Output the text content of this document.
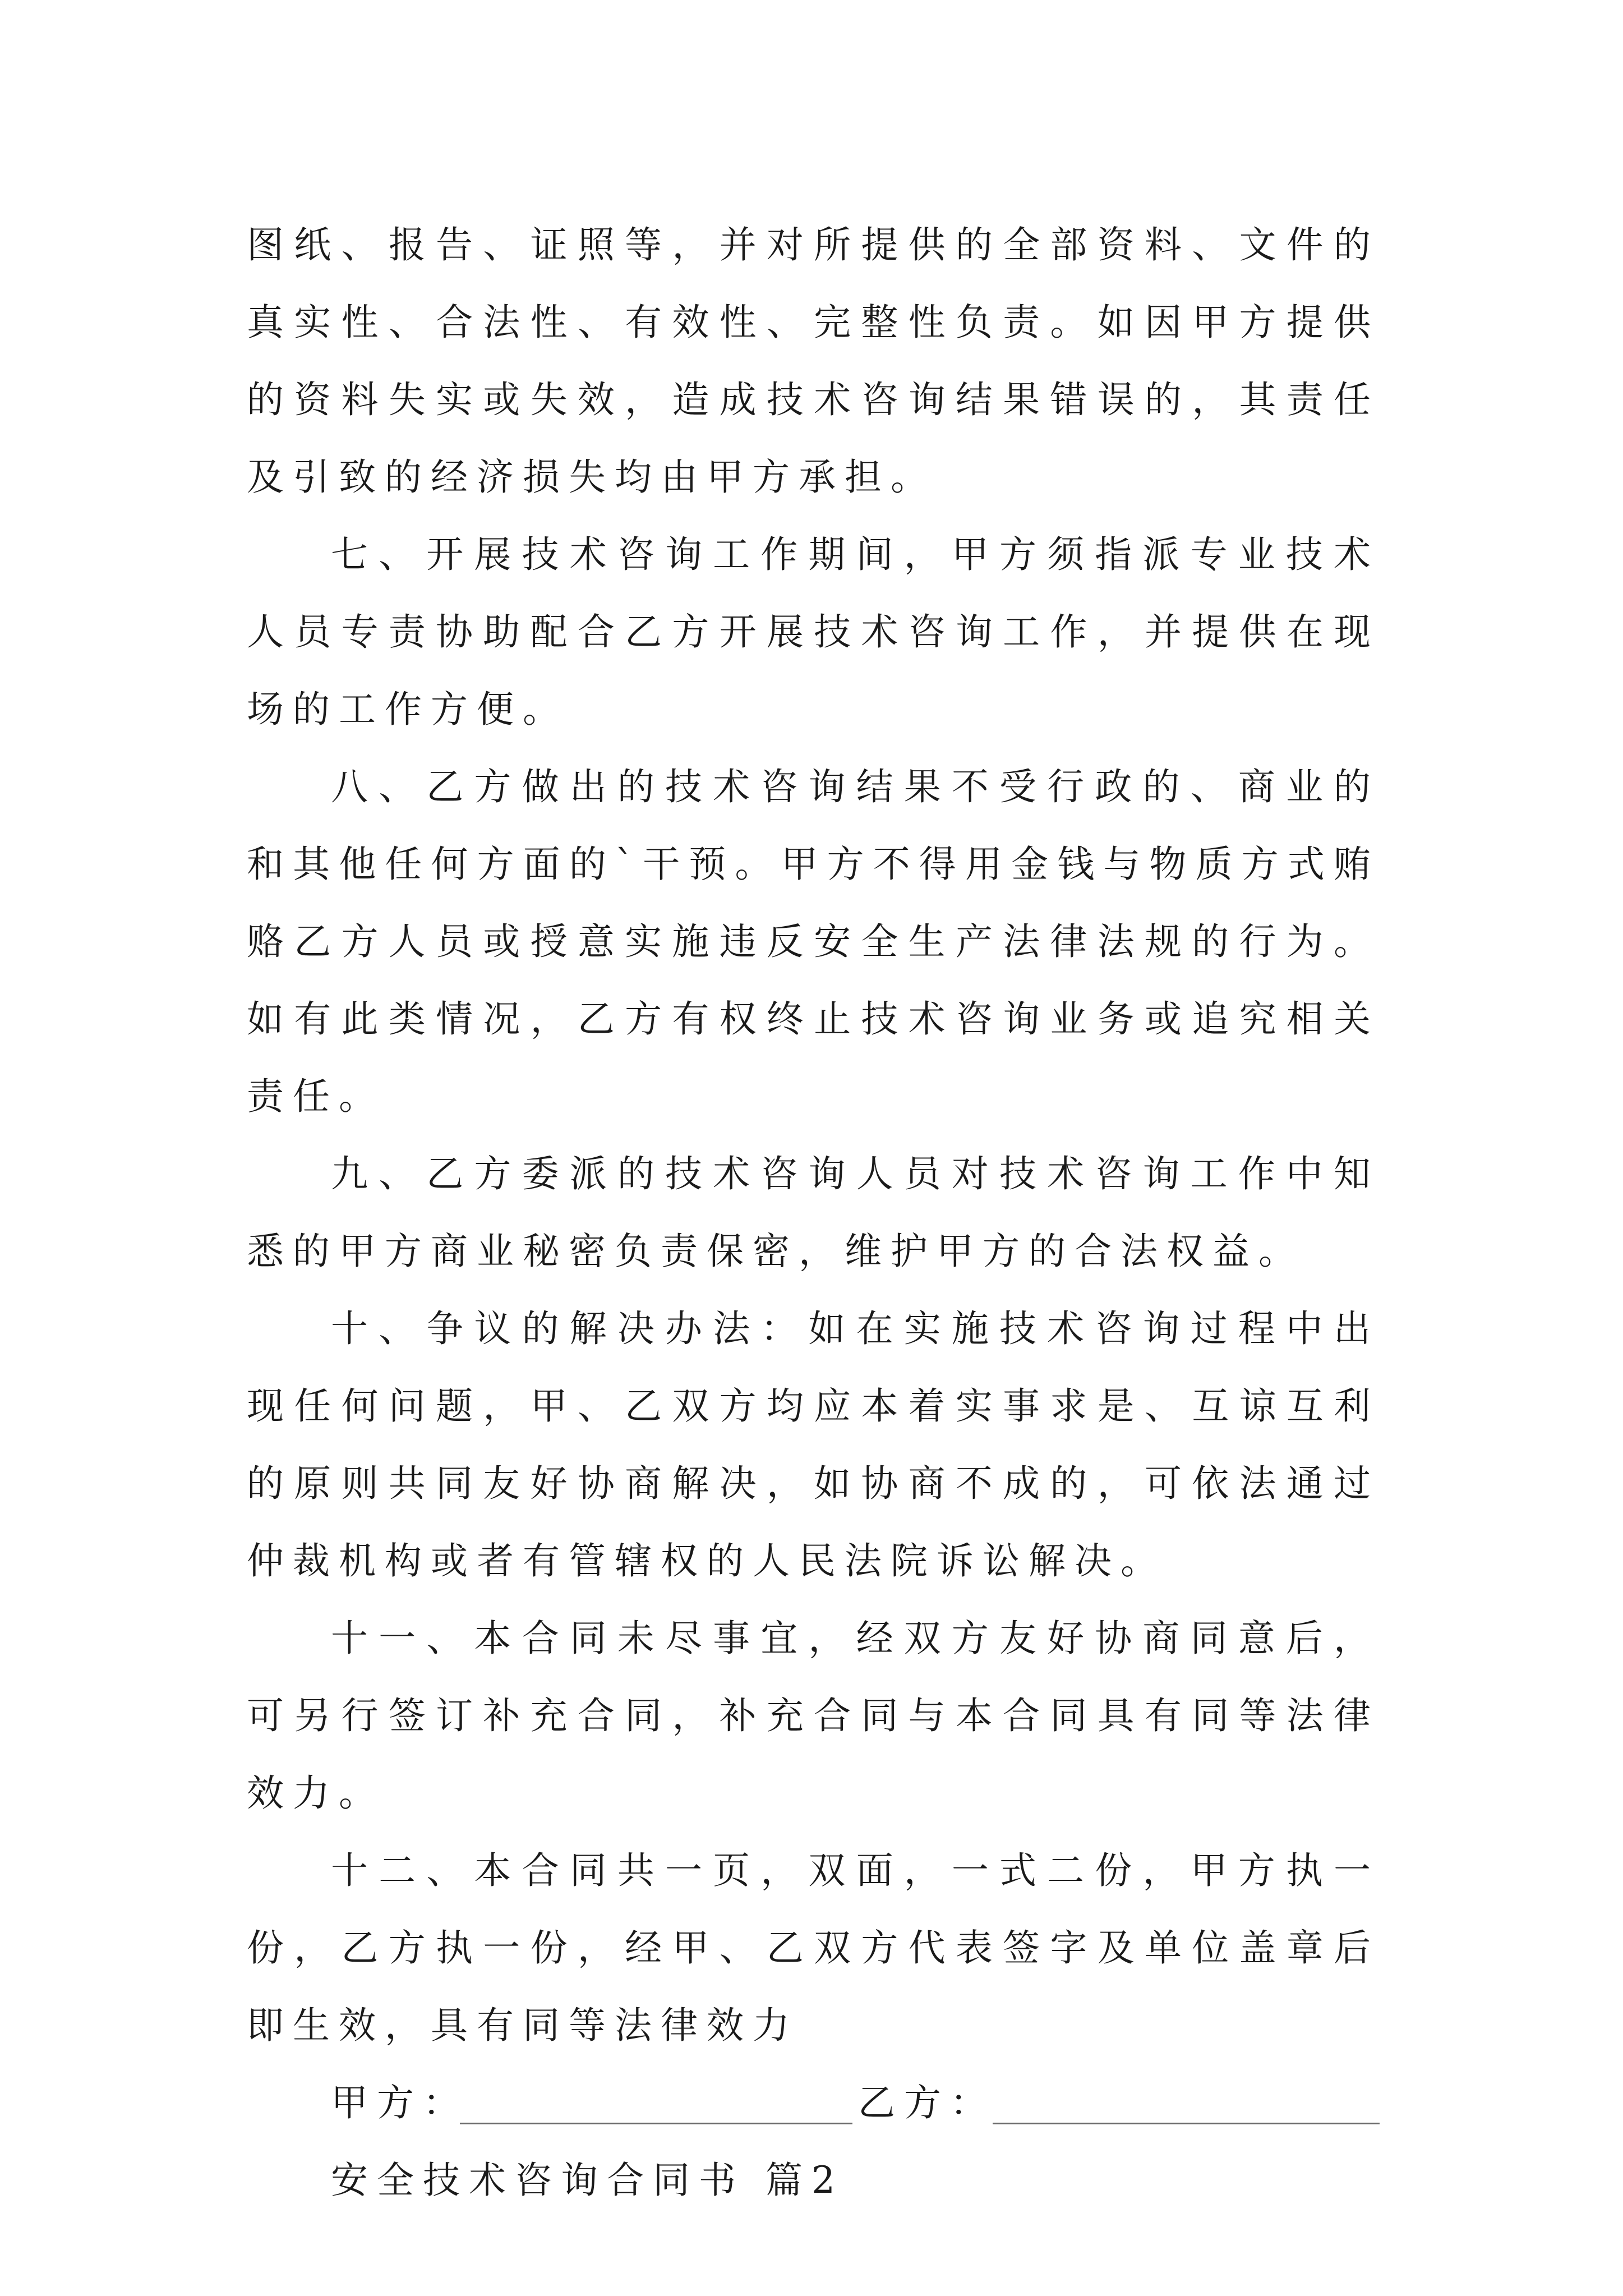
图纸、报告、证照等，并对所提供的全部资料、文件的真实性、合法性、有效性、完整性负责。如因甲方提供的资料失实或失效，造成技术咨询结果错误的，其责任及引致的经济损失均由甲方承担。

七、开展技术咨询工作期间，甲方须指派专业技术人员专责协助配合乙方开展技术咨询工作，并提供在现场的工作方便。

八、乙方做出的技术咨询结果不受行政的、商业的和其他任何方面的`干预。甲方不得用金钱与物质方式贿赂乙方人员或授意实施违反安全生产法律法规的行为。如有此类情况，乙方有权终止技术咨询业务或追究相关责任。

九、乙方委派的技术咨询人员对技术咨询工作中知悉的甲方商业秘密负责保密，维护甲方的合法权益。

十、争议的解决办法：如在实施技术咨询过程中出现任何问题，甲、乙双方均应本着实事求是、互谅互利的原则共同友好协商解决，如协商不成的，可依法通过仲裁机构或者有管辖权的人民法院诉讼解决。

十一、本合同未尽事宜，经双方友好协商同意后，可另行签订补充合同，补充合同与本合同具有同等法律效力。

十二、本合同共一页，双面，一式二份，甲方执一份，乙方执一份，经甲、乙双方代表签字及单位盖章后即生效，具有同等法律效力

甲方：	乙方：

安全技术咨询合同书 篇2
